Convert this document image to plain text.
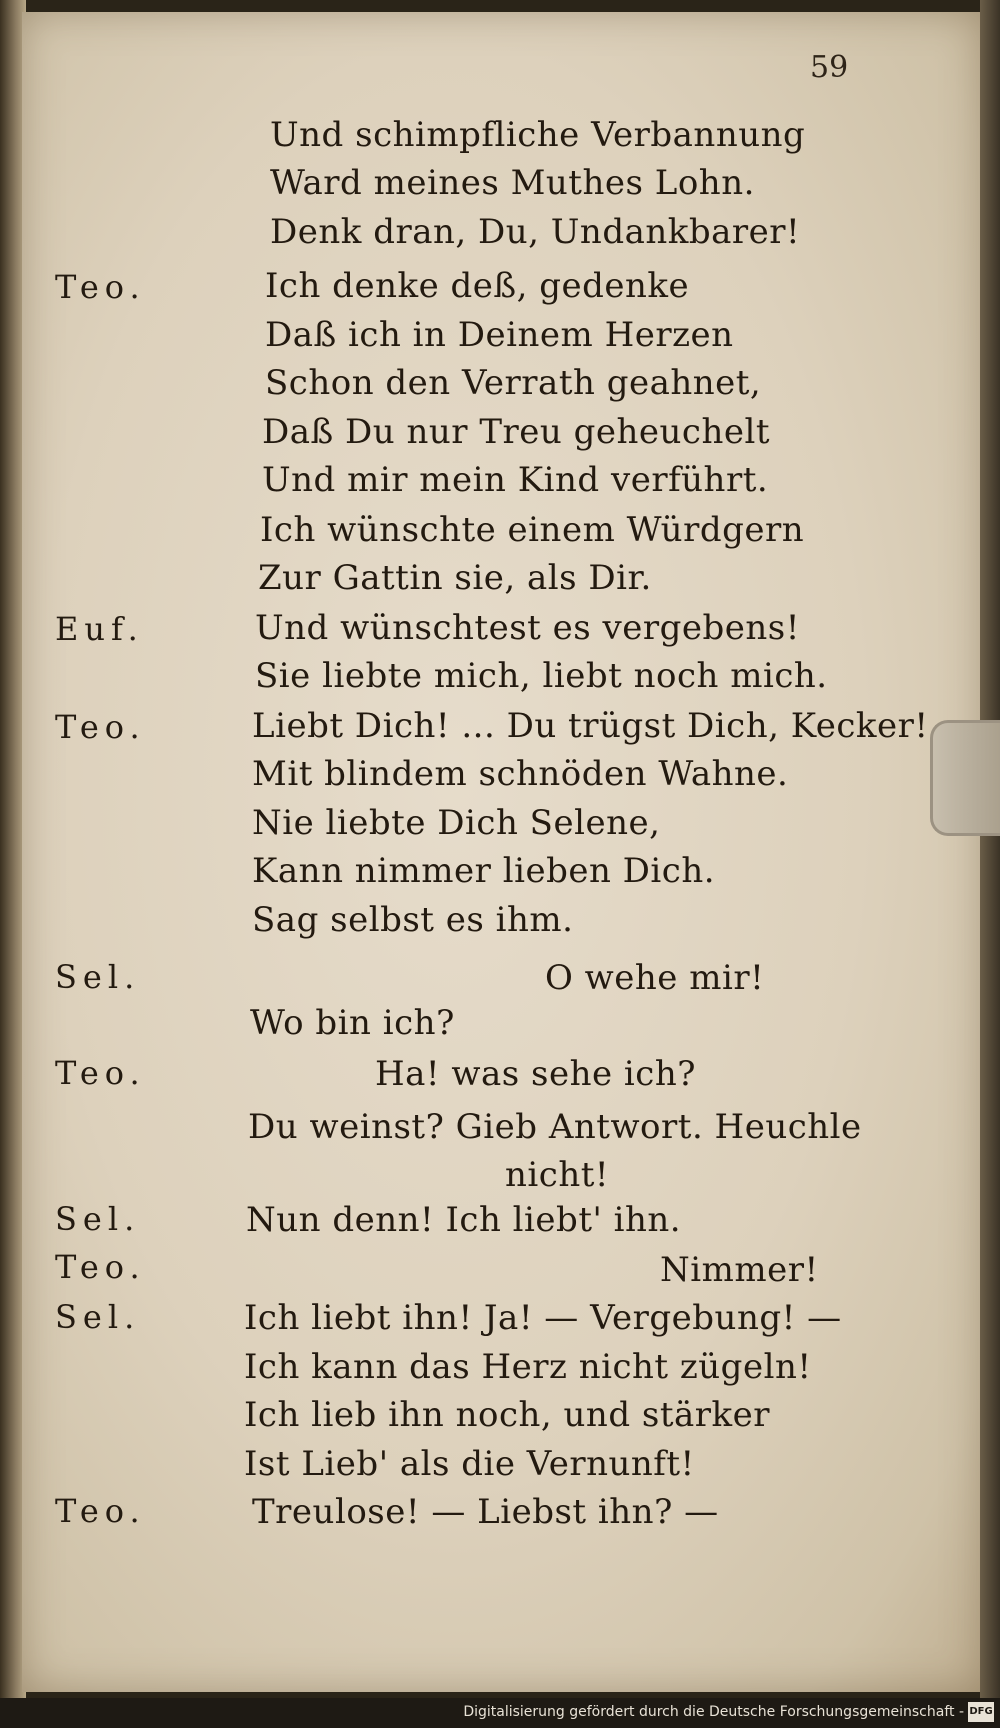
59
Teo.
Euf.
Teo.
Sel.
Teo.
Sel.
Teo.
Sel.
Teo.
Und schimpfliche Verbannung
Ward meines Muthes Lohn.
Denk dran, Du, Undankbarer!
Ich denke deß, gedenke
Daß ich in Deinem Herzen
Schon den Verrath geahnet,
Daß Du nur Treu geheuchelt
Und mir mein Kind verführt.
Ich wünschte einem Würdgern
Zur Gattin sie, als Dir.
Und wünschtest es vergebens!
Sie liebte mich, liebt noch mich.
Liebt Dich! ... Du trügst Dich, Kecker!
Mit blindem schnöden Wahne.
Nie liebte Dich Selene,
Kann nimmer lieben Dich.
Sag selbst es ihm.
O wehe mir!
Wo bin ich?
Ha! was sehe ich?
Du weinst? Gieb Antwort. Heuchle
nicht!
Nun denn! Ich liebt' ihn.
Nimmer!
Ich liebt ihn! Ja! — Vergebung! —
Ich kann das Herz nicht zügeln!
Ich lieb ihn noch, und stärker
Ist Lieb' als die Vernunft!
Treulose! — Liebst ihn? —
Digitalisierung gefördert durch die Deutsche Forschungsgemeinschaft - DFG
